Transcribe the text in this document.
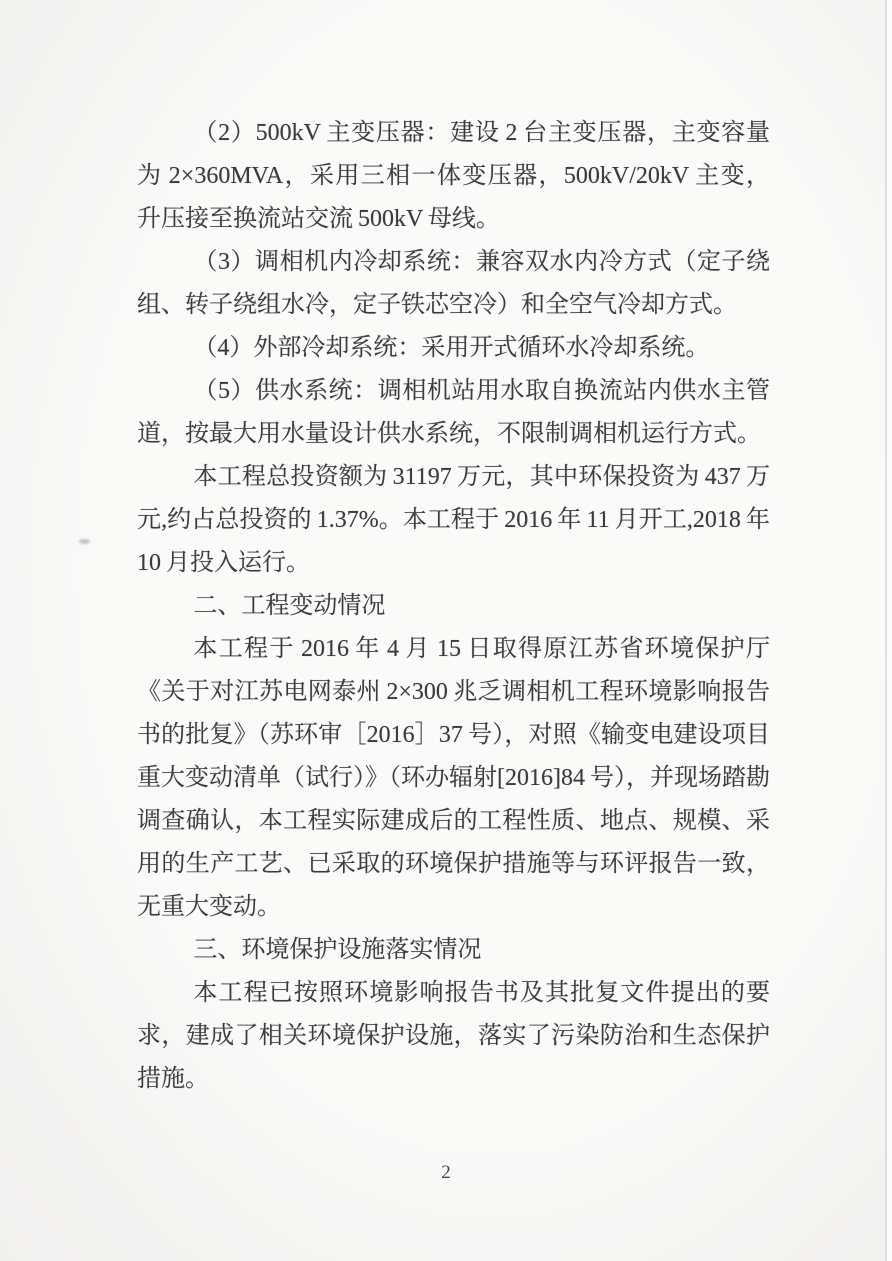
（2）500kV 主变压器：建设 2 台主变压器，主变容量为 2×360MVA，采用三相一体变压器，500kV/20kV 主变，升压接至换流站交流 500kV 母线。

（3）调相机内冷却系统：兼容双水内冷方式（定子绕组、转子绕组水冷，定子铁芯空冷）和全空气冷却方式。

（4）外部冷却系统：采用开式循环水冷却系统。

（5）供水系统：调相机站用水取自换流站内供水主管道，按最大用水量设计供水系统，不限制调相机运行方式。

本工程总投资额为 31197 万元，其中环保投资为 437 万元,约占总投资的 1.37%。本工程于 2016 年 11 月开工,2018 年 10 月投入运行。

二、工程变动情况

本工程于 2016 年 4 月 15 日取得原江苏省环境保护厅《关于对江苏电网泰州 2×300 兆乏调相机工程环境影响报告书的批复》（苏环审［2016］37 号），对照《输变电建设项目重大变动清单（试行）》（环办辐射[2016]84 号），并现场踏勘调查确认，本工程实际建成后的工程性质、地点、规模、采用的生产工艺、已采取的环境保护措施等与环评报告一致，无重大变动。

三、环境保护设施落实情况

本工程已按照环境影响报告书及其批复文件提出的要求，建成了相关环境保护设施，落实了污染防治和生态保护措施。

2
